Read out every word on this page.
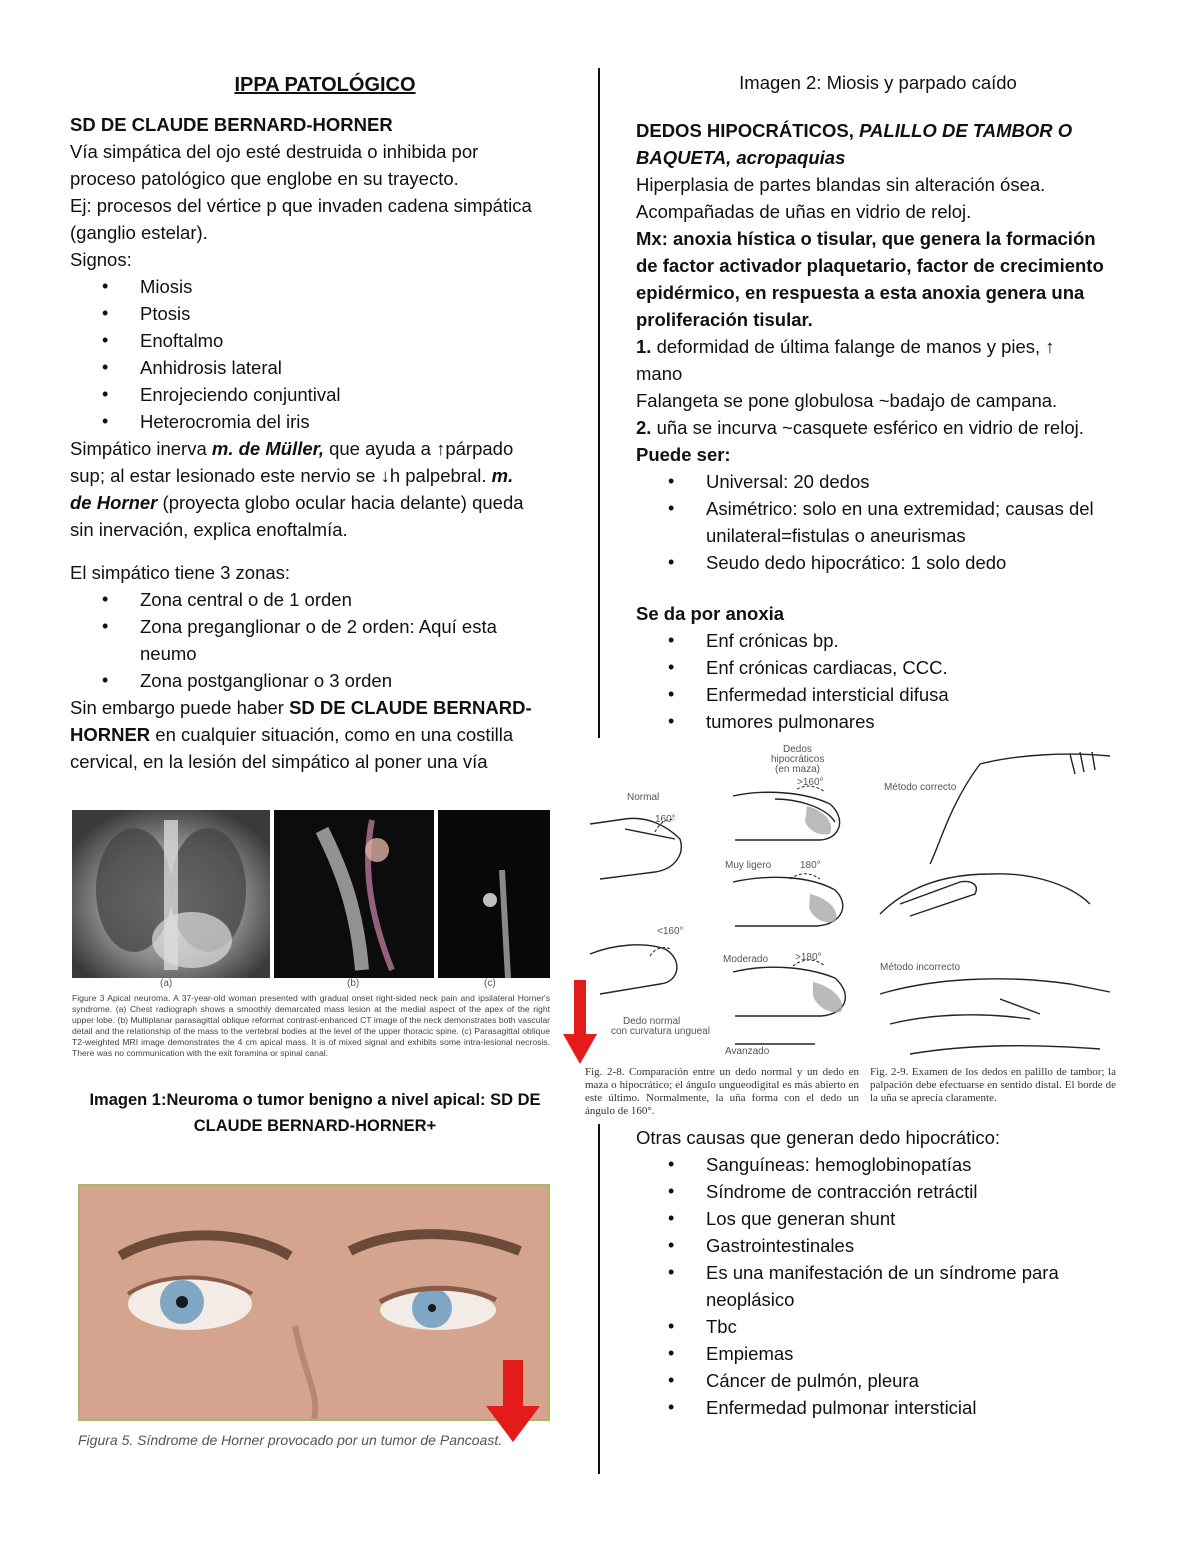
IPPA PATOLÓGICO

SD DE CLAUDE BERNARD-HORNER

Vía simpática del ojo esté destruida o inhibida por

proceso patológico que englobe en su trayecto.

Ej: procesos del vértice p que invaden cadena simpática

(ganglio estelar).

Signos:

• Miosis
• Ptosis
• Enoftalmo
• Anhidrosis lateral
• Enrojeciendo conjuntival
• Heterocromia del iris

Simpático inerva m. de Müller, que ayuda a ↑párpado

sup; al estar lesionado este nervio se ↓h palpebral. m.

de Horner (proyecta globo ocular hacia delante) queda

sin inervación, explica enoftalmía.

El simpático tiene 3 zonas:

• Zona central o de 1 orden
• Zona preganglionar o de 2 orden: Aquí esta
neumo
• Zona postganglionar o 3 orden

Sin embargo puede haber SD DE CLAUDE BERNARD-

HORNER en cualquier situación, como en una costilla

cervical, en la lesión del simpático al poner una vía

(a)	(b)	(c)
Figure 3 Apical neuroma. A 37-year-old woman presented with gradual onset right-sided neck pain and ipsilateral Horner's syndrome. (a) Chest radiograph shows a smoothly demarcated mass lesion at the medial aspect of the apex of the right upper lobe. (b) Multiplanar parasagittal oblique reformat contrast-enhanced CT image of the neck demonstrates both vascular detail and the relationship of the mass to the vertebral bodies at the level of the upper thoracic spine. (c) Parasagittal oblique T2-weighted MRI image demonstrates the 4 cm apical mass. It is of mixed signal and exhibits some intra-lesional necrosis. There was no communication with the exit foramina or spinal canal.
Imagen 1:Neuroma o tumor benigno a nivel apical: SD DE
CLAUDE BERNARD-HORNER+
Figura 5. Síndrome de Horner provocado por un tumor de Pancoast.
Imagen 2: Miosis y parpado caído

DEDOS HIPOCRÁTICOS, PALILLO DE TAMBOR O

BAQUETA, acropaquias

Hiperplasia de partes blandas sin alteración ósea.

Acompañadas de uñas en vidrio de reloj.

Mx: anoxia hística o tisular, que genera la formación

de factor activador plaquetario, factor de crecimiento

epidérmico, en respuesta a esta anoxia genera una

proliferación tisular.

1. deformidad de última falange de manos y pies, ↑

mano

Falangeta se pone globulosa ~badajo de campana.

2. uña se incurva ~casquete esférico en vidrio de reloj.

Puede ser:

• Universal: 20 dedos
• Asimétrico: solo en una extremidad; causas del
unilateral=fistulas o aneurismas
• Seudo dedo hipocrático: 1 solo dedo

Se da por anoxia

• Enf crónicas bp.
• Enf crónicas cardiacas, CCC.
• Enfermedad intersticial difusa
• tumores pulmonares
Normal
160°
Dedos
hipocráticos
(en maza)
>160°
Muy ligero	180°
<160°
Moderado	>180°
Dedo normal
con curvatura ungueal
Avanzado
Fig. 2-8. Comparación entre un dedo normal y un dedo en maza o hipocrático; el ángulo ungueodigital es más abierto en este último. Normalmente, la uña forma con el dedo un ángulo de 160°.
Método correcto
Método incorrecto
Fig. 2-9. Examen de los dedos en palillo de tambor; la palpación debe efectuarse en sentido distal. El borde de la uña se aprecia claramente.

Otras causas que generan dedo hipocrático:

• Sanguíneas: hemoglobinopatías
• Síndrome de contracción retráctil
• Los que generan shunt
• Gastrointestinales
• Es una manifestación de un síndrome para
neoplásico
• Tbc
• Empiemas
• Cáncer de pulmón, pleura
• Enfermedad pulmonar intersticial
